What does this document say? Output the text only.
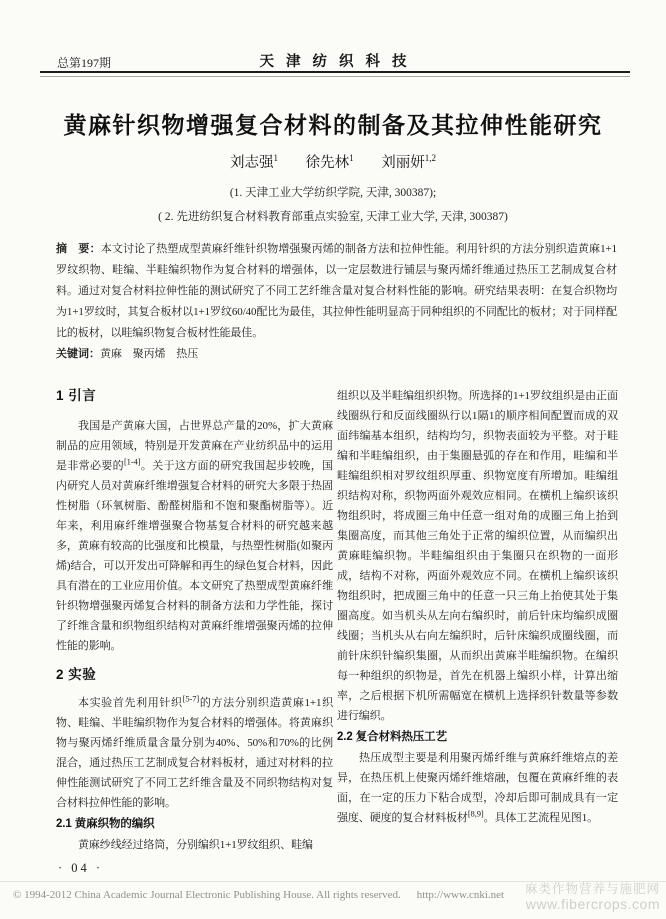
总第197期	天津纺织科技
黄麻针织物增强复合材料的制备及其拉伸性能研究
刘志强$^1$ 徐先林$^1$ 刘丽妍$^{1,2}$
(1. 天津工业大学纺织学院, 天津, 300387);
( 2. 先进纺织复合材料教育部重点实验室, 天津工业大学, 天津, 300387)

摘　要：本文讨论了热塑成型黄麻纤维针织物增强聚丙烯的制备方法和拉伸性能。利用针织的方法分别织造黄麻1+1罗纹织物、畦编、半畦编织物作为复合材料的增强体，以一定层数进行铺层与聚丙烯纤维通过热压工艺制成复合材料。通过对复合材料拉伸性能的测试研究了不同工艺纤维含量对复合材料性能的影响。研究结果表明：在复合织物均为1+1罗纹时，其复合板材以1+1罗纹60/40配比为最佳，其拉伸性能明显高于同种组织的不同配比的板材；对于同样配比的板材，以畦编织物复合板材性能最佳。

关键词：黄麻　聚丙烯　热压

1 引言

我国是产黄麻大国，占世界总产量的20%，扩大黄麻制品的应用领域，特别是开发黄麻在产业纺织品中的运用是非常必要的[1-4]。关于这方面的研究我国起步较晚，国内研究人员对黄麻纤维增强复合材料的研究大多限于热固性树脂（环氧树脂、酚醛树脂和不饱和聚酯树脂等）。近年来，利用麻纤维增强聚合物基复合材料的研究越来越多，黄麻有较高的比强度和比模量，与热塑性树脂(如聚丙烯)结合，可以开发出可降解和再生的绿色复合材料，因此具有潜在的工业应用价值。本文研究了热塑成型黄麻纤维针织物增强聚丙烯复合材料的制备方法和力学性能，探讨了纤维含量和织物组织结构对黄麻纤维增强聚丙烯的拉伸性能的影响。

2 实验

本实验首先利用针织[5-7]的方法分别织造黄麻1+1织物、畦编、半畦编织物作为复合材料的增强体。将黄麻织物与聚丙烯纤维质量含量分别为40%、50%和70%的比例混合，通过热压工艺制成复合材料板材，通过对材料的拉伸性能测试研究了不同工艺纤维含量及不同织物结构对复合材料拉伸性能的影响。

2.1 黄麻织物的编织

黄麻纱线经过络筒，分别编织1+1罗纹组织、畦编

组织以及半畦编组织织物。所选择的1+1罗纹组织是由正面线圈纵行和反面线圈纵行以1隔1的顺序相间配置而成的双面纬编基本组织，结构均匀，织物表面较为平整。对于畦编和半畦编组织，由于集圈悬弧的存在和作用，畦编和半畦编组织相对罗纹组织厚重、织物宽度有所增加。畦编组织结构对称，织物两面外观效应相同。在横机上编织该织物组织时，将成圈三角中任意一组对角的成圈三角上抬到集圈高度，而其他三角处于正常的编织位置，从而编织出黄麻畦编织物。半畦编组织由于集圈只在织物的一面形成，结构不对称，两面外观效应不同。在横机上编织该织物组织时，把成圈三角中的任意一只三角上抬使其处于集圈高度。如当机头从左向右编织时，前后针床均编织成圈线圈；当机头从右向左编织时，后针床编织成圈线圈，而前针床织针编织集圈，从而织出黄麻半畦编织物。在编织每一种组织的织物是，首先在机器上编织小样，计算出缩率，之后根据下机所需幅宽在横机上选择织针数量等参数进行编织。

2.2 复合材料热压工艺

热压成型主要是利用聚丙烯纤维与黄麻纤维熔点的差异，在热压机上使聚丙烯纤维熔融，包覆在黄麻纤维的表面，在一定的压力下粘合成型，冷却后即可制成具有一定强度、硬度的复合材料板材[8,9]。具体工艺流程见图1。

· 04 ·
© 1994-2012 China Academic Journal Electronic Publishing House. All rights reserved. http://www.cnki.net 麻类作物营养与施肥网
www.fibercrops.com
